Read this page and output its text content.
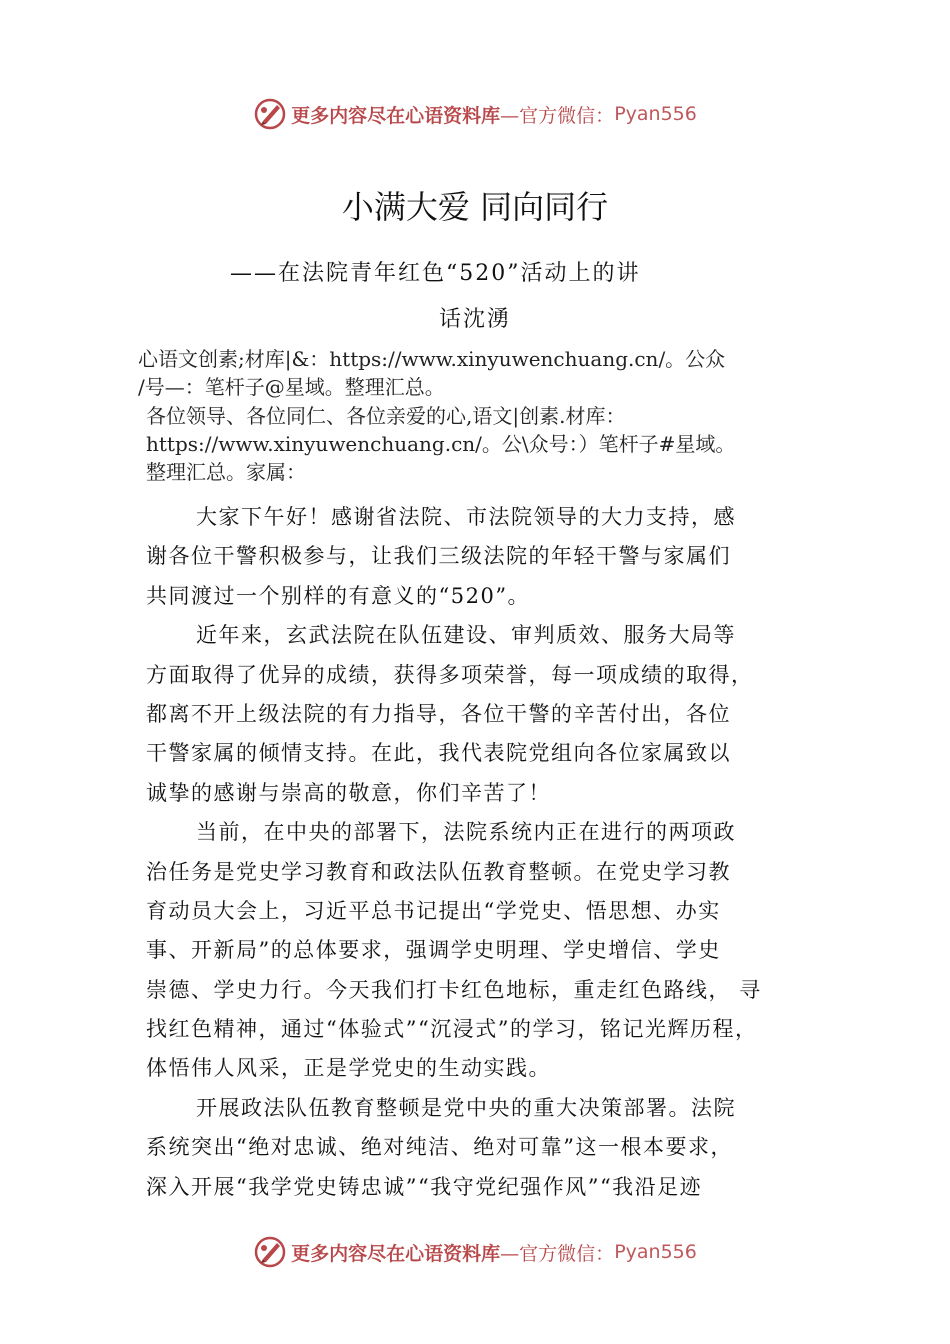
更多内容尽在心语资料库 —官方微信： Pyan556
小满大爱 同向同行
——在法院青年红色“520”活动上的讲
话沈湧
心语文创素;材库|&：https://www.xinyuwenchuang.cn/。公众
/号—：笔杆子@星域。整理汇总。
各位领导、各位同仁、各位亲爱的心,语文|创素.材库：
https://www.xinyuwenchuang.cn/。公\众号：）笔杆子#星域。
整理汇总。家属：
大家下午好！感谢省法院、市法院领导的大力支持，感
谢各位干警积极参与，让我们三级法院的年轻干警与家属们
共同渡过一个别样的有意义的“520”。
近年来，玄武法院在队伍建设、审判质效、服务大局等
方面取得了优异的成绩，获得多项荣誉，每一项成绩的取得，
都离不开上级法院的有力指导，各位干警的辛苦付出，各位
干警家属的倾情支持。在此，我代表院党组向各位家属致以
诚挚的感谢与崇高的敬意，你们辛苦了！
当前，在中央的部署下，法院系统内正在进行的两项政
治任务是党史学习教育和政法队伍教育整顿。在党史学习教
育动员大会上，习近平总书记提出“学党史、悟思想、办实
事、开新局”的总体要求，强调学史明理、学史增信、学史
崇德、学史力行。今天我们打卡红色地标，重走红色路线， 寻
找红色精神，通过“体验式”“沉浸式”的学习，铭记光辉历程，
体悟伟人风采，正是学党史的生动实践。
开展政法队伍教育整顿是党中央的重大决策部署。法院
系统突出“绝对忠诚、绝对纯洁、绝对可靠”这一根本要求，
深入开展“我学党史铸忠诚”“我守党纪强作风”“我沿足迹
更多内容尽在心语资料库 —官方微信： Pyan556
